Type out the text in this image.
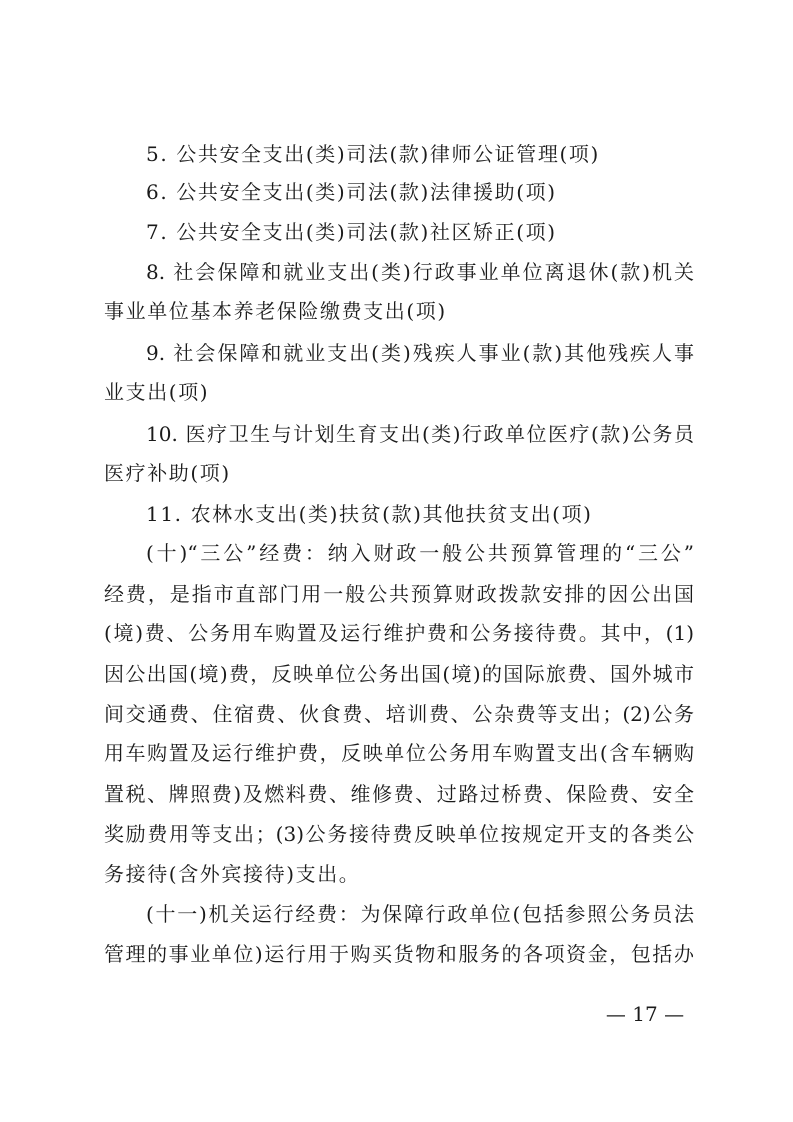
5. 公共安全支出(类)司法(款)律师公证管理(项)
6. 公共安全支出(类)司法(款)法律援助(项)
7. 公共安全支出(类)司法(款)社区矫正(项)
8. 社会保障和就业支出(类)行政事业单位离退休(款)机关
事业单位基本养老保险缴费支出(项)
9. 社会保障和就业支出(类)残疾人事业(款)其他残疾人事
业支出(项)
10. 医疗卫生与计划生育支出(类)行政单位医疗(款)公务员
医疗补助(项)
11. 农林水支出(类)扶贫(款)其他扶贫支出(项)
(十)“三公”经费：纳入财政一般公共预算管理的“三公”
经费，是指市直部门用一般公共预算财政拨款安排的因公出国
(境)费、公务用车购置及运行维护费和公务接待费。其中，(1)
因公出国(境)费，反映单位公务出国(境)的国际旅费、国外城市
间交通费、住宿费、伙食费、培训费、公杂费等支出；(2)公务
用车购置及运行维护费，反映单位公务用车购置支出(含车辆购
置税、牌照费)及燃料费、维修费、过路过桥费、保险费、安全
奖励费用等支出；(3)公务接待费反映单位按规定开支的各类公
务接待(含外宾接待)支出。
(十一)机关运行经费：为保障行政单位(包括参照公务员法
管理的事业单位)运行用于购买货物和服务的各项资金，包括办
— 17 —
